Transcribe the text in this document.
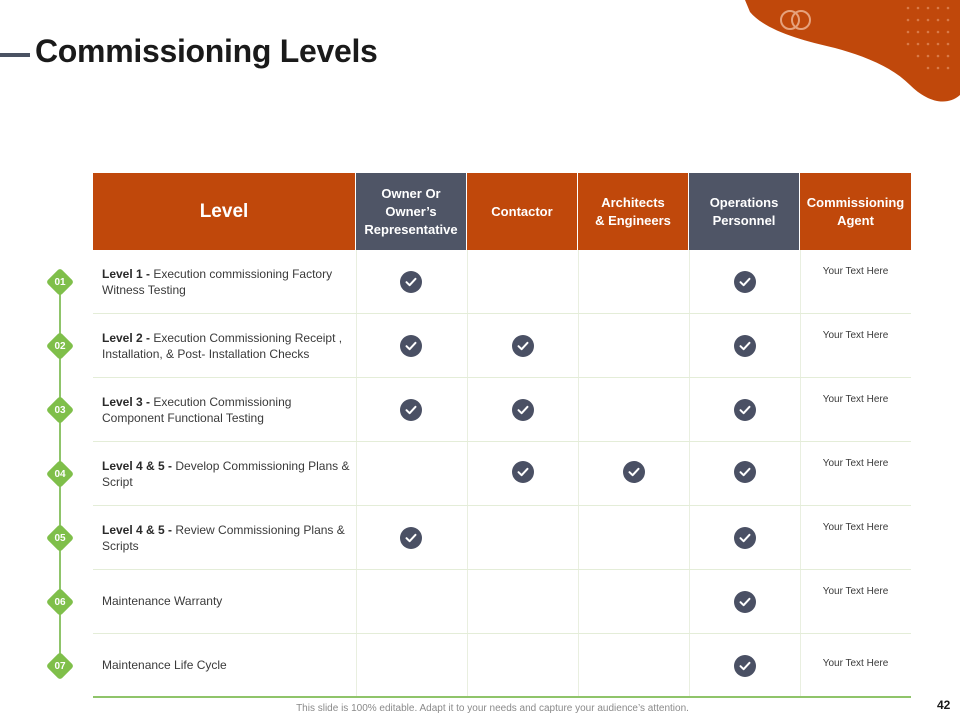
Commissioning Levels
Level
Owner Or
Owner’s
Representative
Contactor
Architects
& Engineers
Operations
Personnel
Commissioning
Agent
Level 1 - Execution commissioning Factory Witness Testing
Your Text Here
Level 2 - Execution Commissioning Receipt , Installation, & Post- Installation Checks
Your Text Here
Level 3 - Execution Commissioning Component Functional Testing
Your Text Here
Level 4 & 5 - Develop Commissioning Plans & Script
Your Text Here
Level 4 & 5 - Review Commissioning Plans & Scripts
Your Text Here
Maintenance Warranty
Your Text Here
Maintenance Life Cycle	Your Text Here
01
02
03
04
05
06
07
This slide is 100% editable. Adapt it to your needs and capture your audience’s attention.	42
